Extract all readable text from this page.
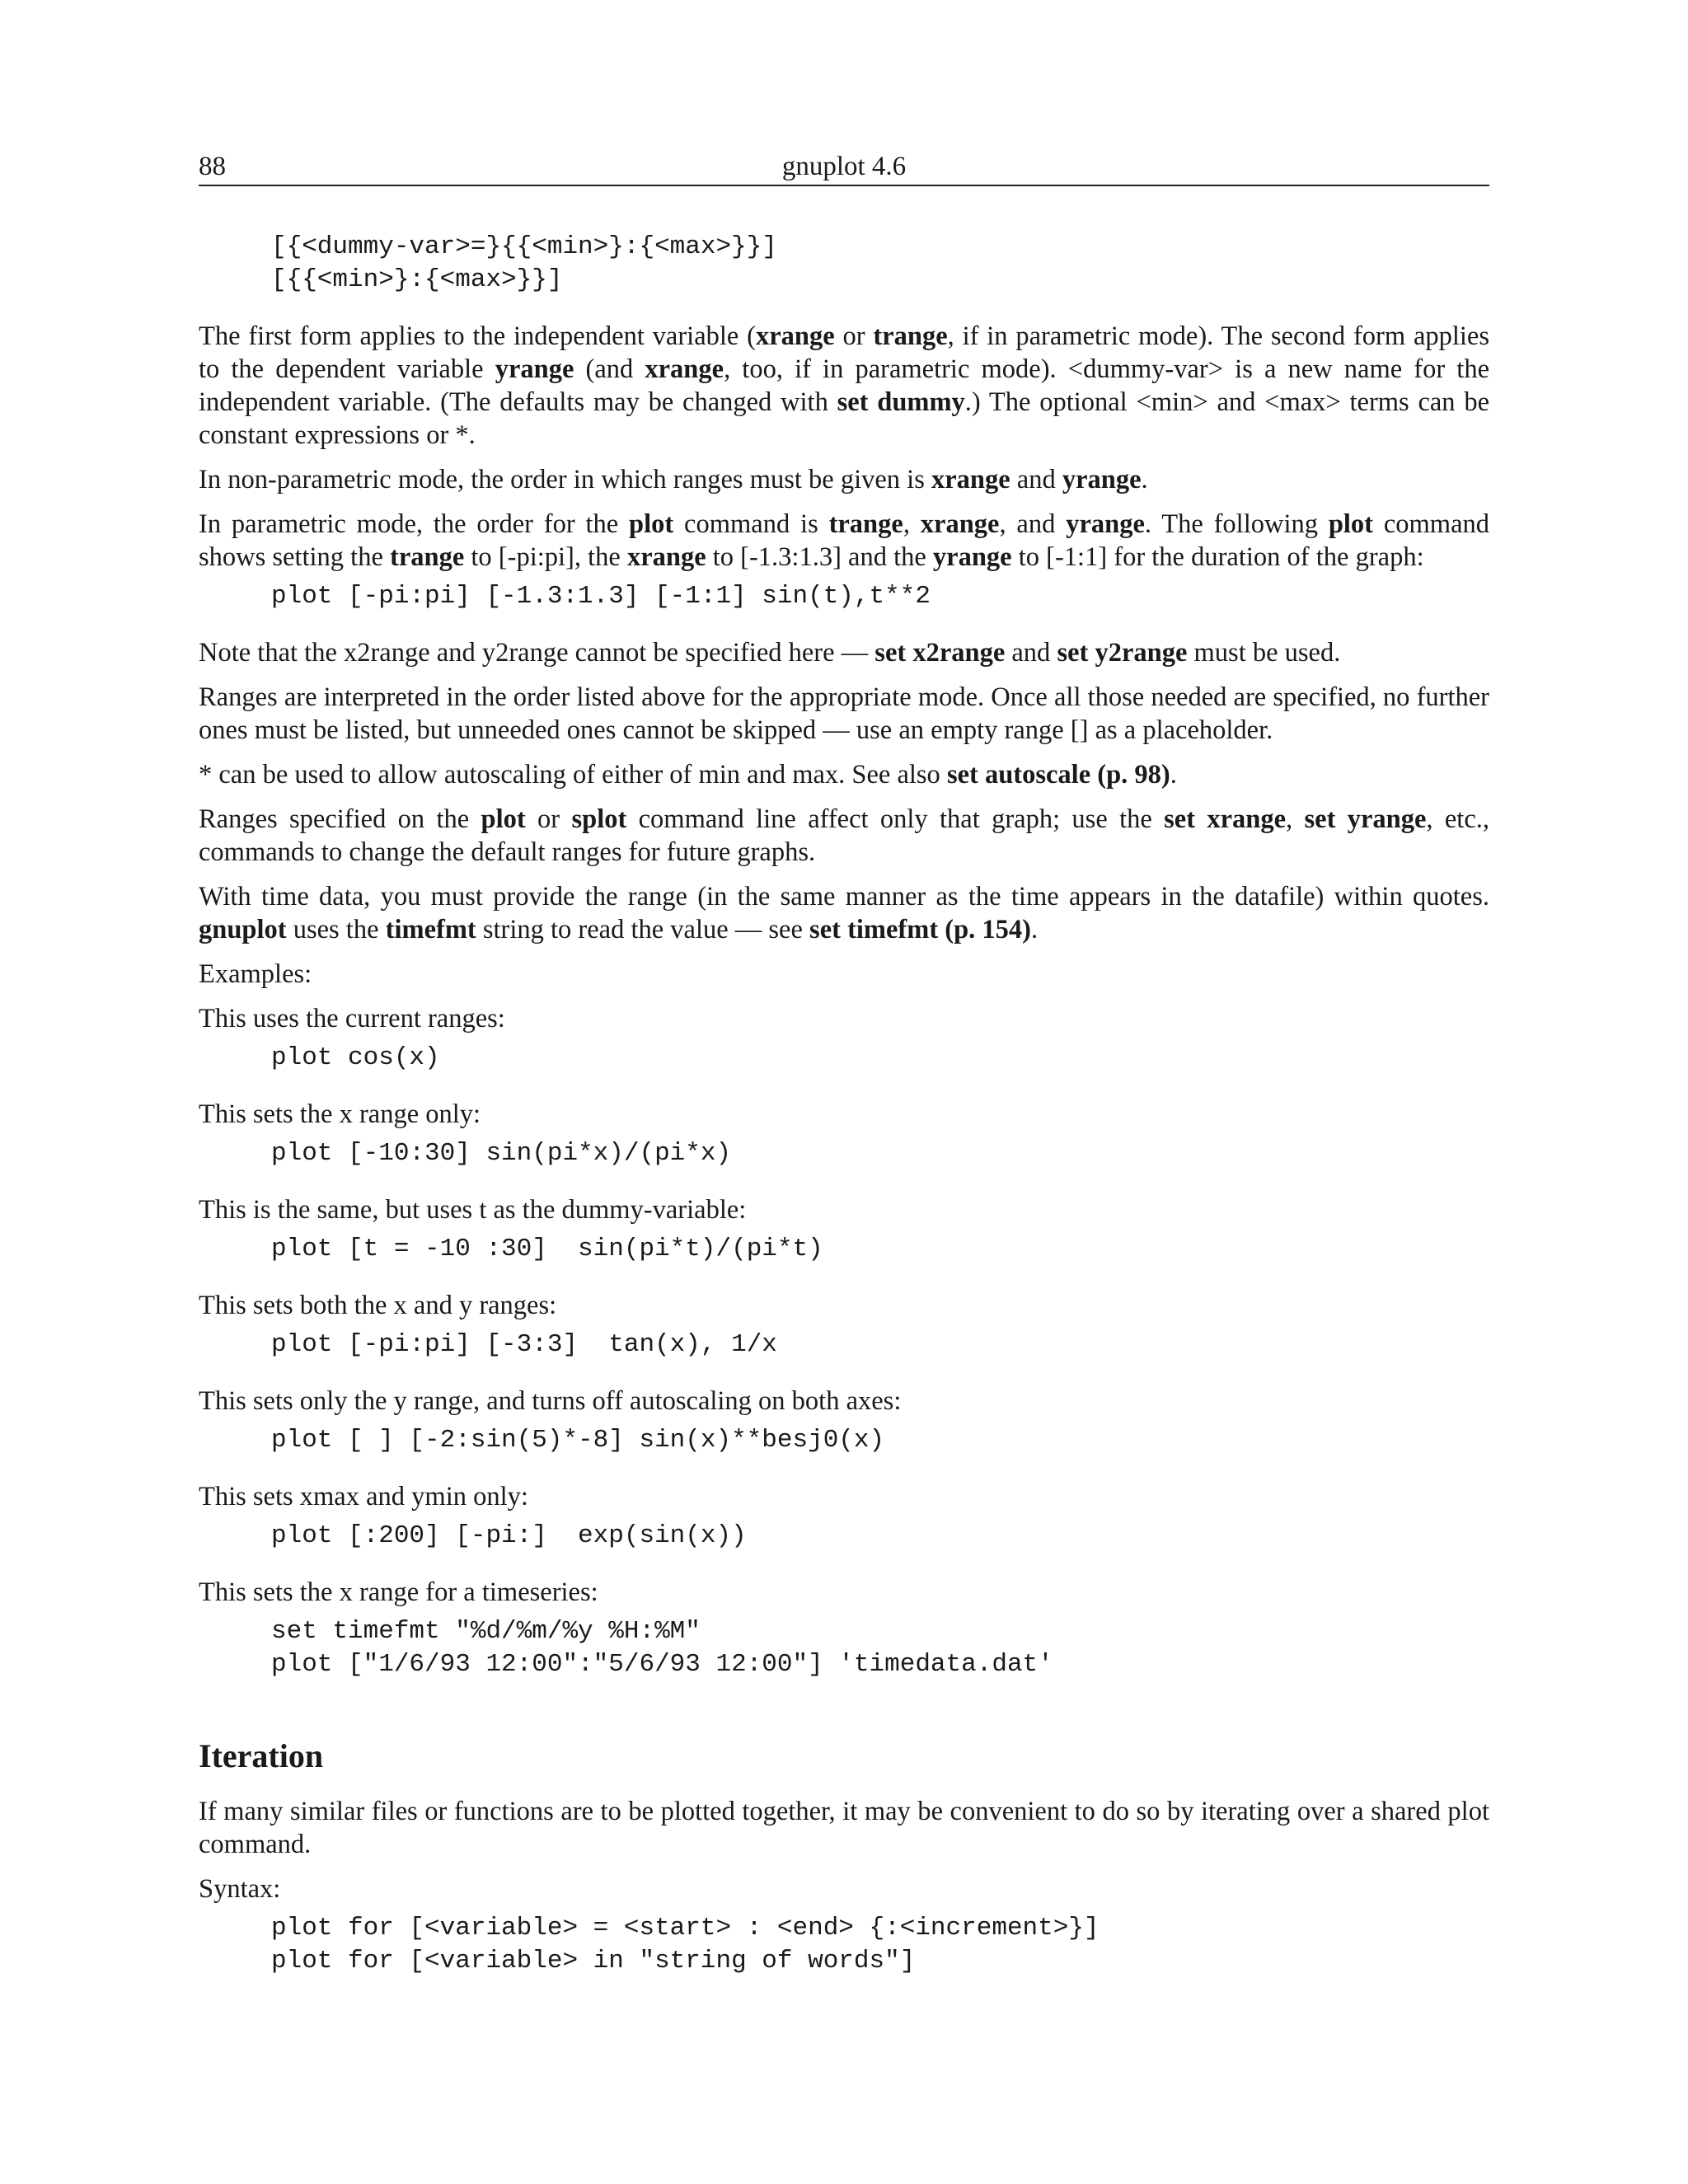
88	gnuplot 4.6
[{<dummy-var>=}{{<min>}:{<max>}}]
[{{<min>}:{<max>}}]

The first form applies to the independent variable (xrange or trange, if in parametric mode). The second form applies to the dependent variable yrange (and xrange, too, if in parametric mode). <dummy-var> is a new name for the independent variable. (The defaults may be changed with set dummy.) The optional <min> and <max> terms can be constant expressions or *.

In non-parametric mode, the order in which ranges must be given is xrange and yrange.

In parametric mode, the order for the plot command is trange, xrange, and yrange. The following plot command shows setting the trange to [-pi:pi], the xrange to [-1.3:1.3] and the yrange to [-1:1] for the duration of the graph:

plot [-pi:pi] [-1.3:1.3] [-1:1] sin(t),t**2

Note that the x2range and y2range cannot be specified here — set x2range and set y2range must be used.

Ranges are interpreted in the order listed above for the appropriate mode. Once all those needed are specified, no further ones must be listed, but unneeded ones cannot be skipped — use an empty range [] as a placeholder.

* can be used to allow autoscaling of either of min and max. See also set autoscale (p. 98).

Ranges specified on the plot or splot command line affect only that graph; use the set xrange, set yrange, etc., commands to change the default ranges for future graphs.

With time data, you must provide the range (in the same manner as the time appears in the datafile) within quotes. gnuplot uses the timefmt string to read the value — see set timefmt (p. 154).

Examples:

This uses the current ranges:

plot cos(x)

This sets the x range only:

plot [-10:30] sin(pi*x)/(pi*x)

This is the same, but uses t as the dummy-variable:

plot [t = -10 :30]  sin(pi*t)/(pi*t)

This sets both the x and y ranges:

plot [-pi:pi] [-3:3]  tan(x), 1/x

This sets only the y range, and turns off autoscaling on both axes:

plot [ ] [-2:sin(5)*-8] sin(x)**besj0(x)

This sets xmax and ymin only:

plot [:200] [-pi:]  exp(sin(x))

This sets the x range for a timeseries:

set timefmt "%d/%m/%y %H:%M"
plot ["1/6/93 12:00":"5/6/93 12:00"] 'timedata.dat'
Iteration

If many similar files or functions are to be plotted together, it may be convenient to do so by iterating over a shared plot command.

Syntax:

plot for [<variable> = <start> : <end> {:<increment>}]
plot for [<variable> in "string of words"]
